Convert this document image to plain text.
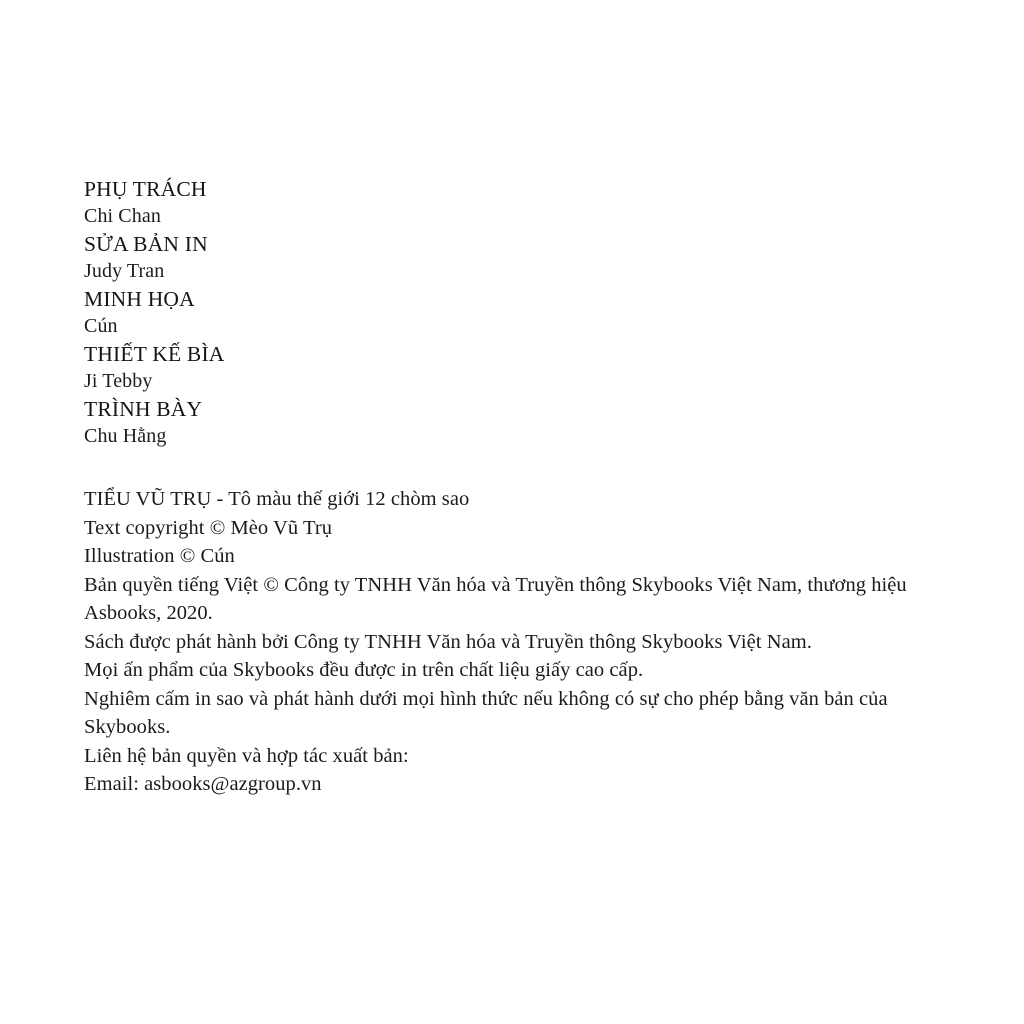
PHỤ TRÁCH

Chi Chan

SỬA BẢN IN

Judy Tran

MINH HỌA

Cún

THIẾT KẾ BÌA

Ji Tebby

TRÌNH BÀY

Chu Hằng

TIỂU VŨ TRỤ - Tô màu thế giới 12 chòm sao

Text copyright © Mèo Vũ Trụ

Illustration © Cún

Bản quyền tiếng Việt © Công ty TNHH Văn hóa và Truyền thông Skybooks Việt Nam, thương hiệu Asbooks, 2020.

Sách được phát hành bởi Công ty TNHH Văn hóa và Truyền thông Skybooks Việt Nam.

Mọi ấn phẩm của Skybooks đều được in trên chất liệu giấy cao cấp.

Nghiêm cấm in sao và phát hành dưới mọi hình thức nếu không có sự cho phép bằng văn bản của Skybooks.

Liên hệ bản quyền và hợp tác xuất bản:

Email: asbooks@azgroup.vn
